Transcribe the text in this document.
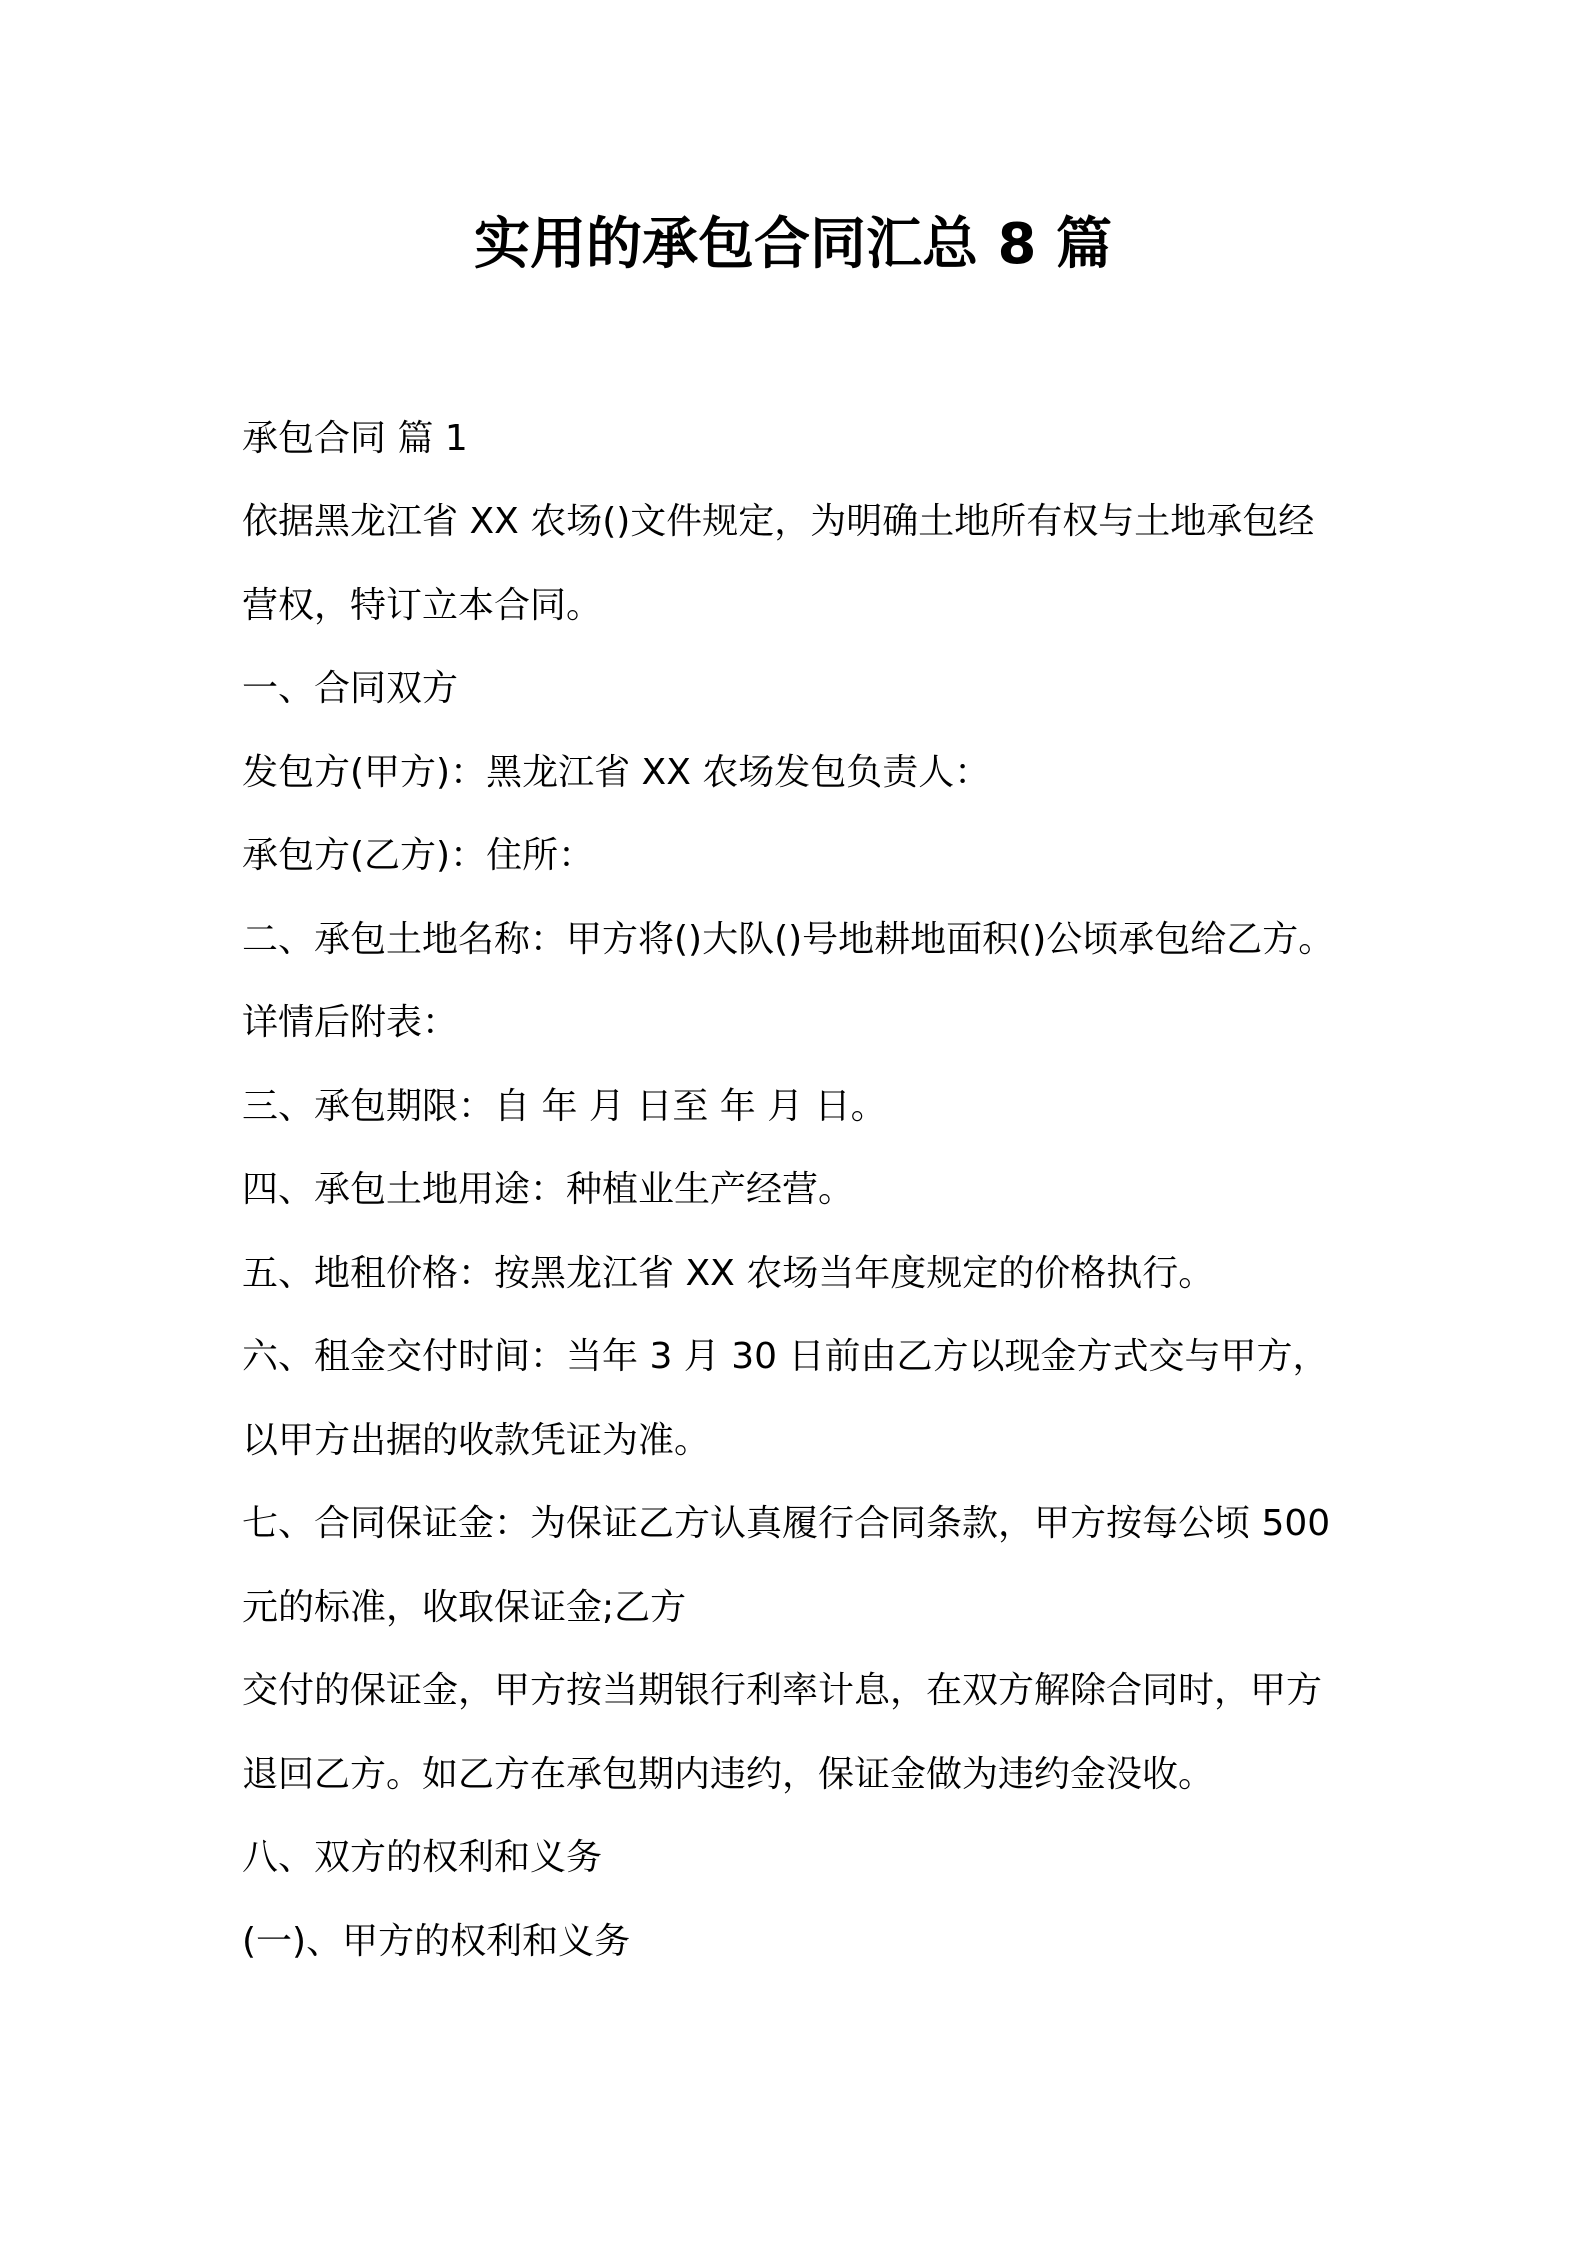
实用的承包合同汇总 8 篇
承包合同 篇 1
依据黑龙江省 XX 农场()文件规定，为明确土地所有权与土地承包经
营权，特订立本合同。
一、合同双方
发包方(甲方)：黑龙江省 XX 农场发包负责人：
承包方(乙方)：住所：
二、承包土地名称：甲方将()大队()号地耕地面积()公顷承包给乙方。
详情后附表：
三、承包期限：自 年 月 日至 年 月 日。
四、承包土地用途：种植业生产经营。
五、地租价格：按黑龙江省 XX 农场当年度规定的价格执行。
六、租金交付时间：当年 3 月 30 日前由乙方以现金方式交与甲方，
以甲方出据的收款凭证为准。
七、合同保证金：为保证乙方认真履行合同条款，甲方按每公顷 500
元的标准，收取保证金;乙方
交付的保证金，甲方按当期银行利率计息，在双方解除合同时，甲方
退回乙方。如乙方在承包期内违约，保证金做为违约金没收。
八、双方的权利和义务
(一)、甲方的权利和义务
